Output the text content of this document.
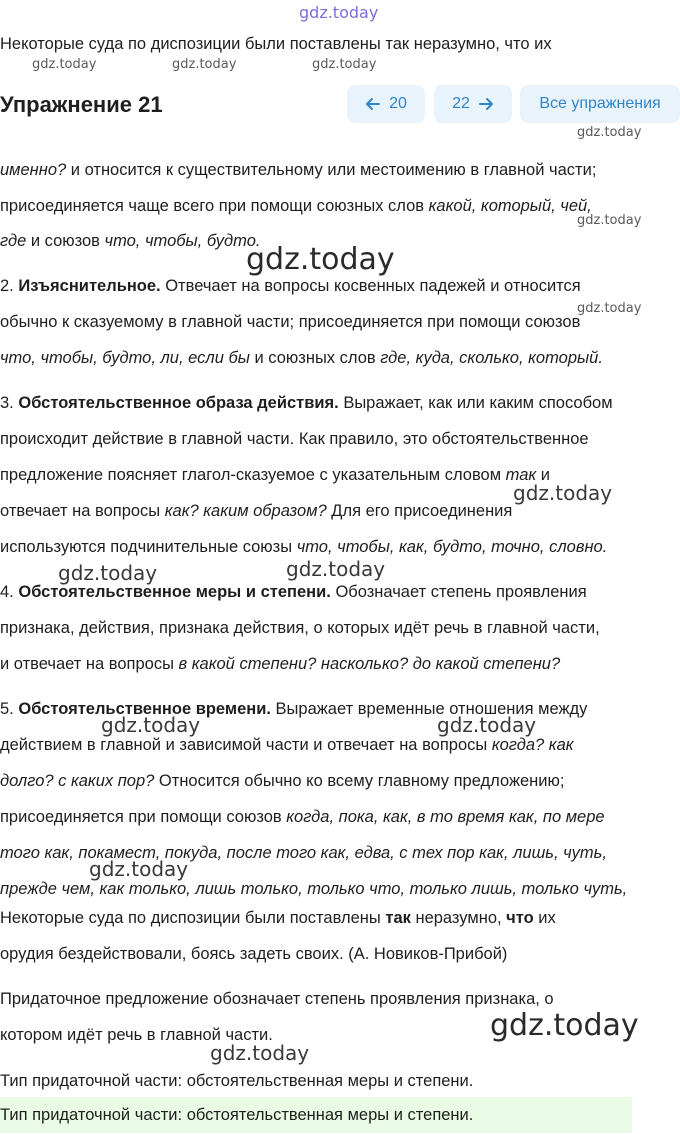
gdz.today
Некоторые суда по диспозиции были поставлены так неразумно, что их
gdz.today	gdz.today	gdz.today
Упражнение 21	20	22	Все упражнения
gdz.today
именно? и относится к существительному или местоимению в главной части;
присоединяется чаще всего при помощи союзных слов какой, который, чей,
gdz.today
где и союзов что, чтобы, будто.
gdz.today
2. Изъяснительное. Отвечает на вопросы косвенных падежей и относится
gdz.today
обычно к сказуемому в главной части; присоединяется при помощи союзов
что, чтобы, будто, ли, если бы и союзных слов где, куда, сколько, который.
3. Обстоятельственное образа действия. Выражает, как или каким способом
происходит действие в главной части. Как правило, это обстоятельственное
предложение поясняет глагол-сказуемое с указательным словом так и
gdz.today
отвечает на вопросы как? каким образом? Для его присоединения
используются подчинительные союзы что, чтобы, как, будто, точно, словно.
gdz.today	gdz.today
4. Обстоятельственное меры и степени. Обозначает степень проявления
признака, действия, признака действия, о которых идёт речь в главной части,
и отвечает на вопросы в какой степени? насколько? до какой степени?
5. Обстоятельственное времени. Выражает временные отношения между
gdz.today	gdz.today
действием в главной и зависимой части и отвечает на вопросы когда? как
долго? с каких пор? Относится обычно ко всему главному предложению;
присоединяется при помощи союзов когда, пока, как, в то время как, по мере
того как, покамест, покуда, после того как, едва, с тех пор как, лишь, чуть,
gdz.today
прежде чем, как только, лишь только, только что, только лишь, только чуть,
Некоторые суда по диспозиции были поставлены так неразумно, что их
орудия бездействовали, боясь задеть своих. (А. Новиков-Прибой)
Придаточное предложение обозначает степень проявления признака, о
gdz.today
котором идёт речь в главной части.
gdz.today
Тип придаточной части: обстоятельственная меры и степени.
Тип придаточной части: обстоятельственная меры и степени.
